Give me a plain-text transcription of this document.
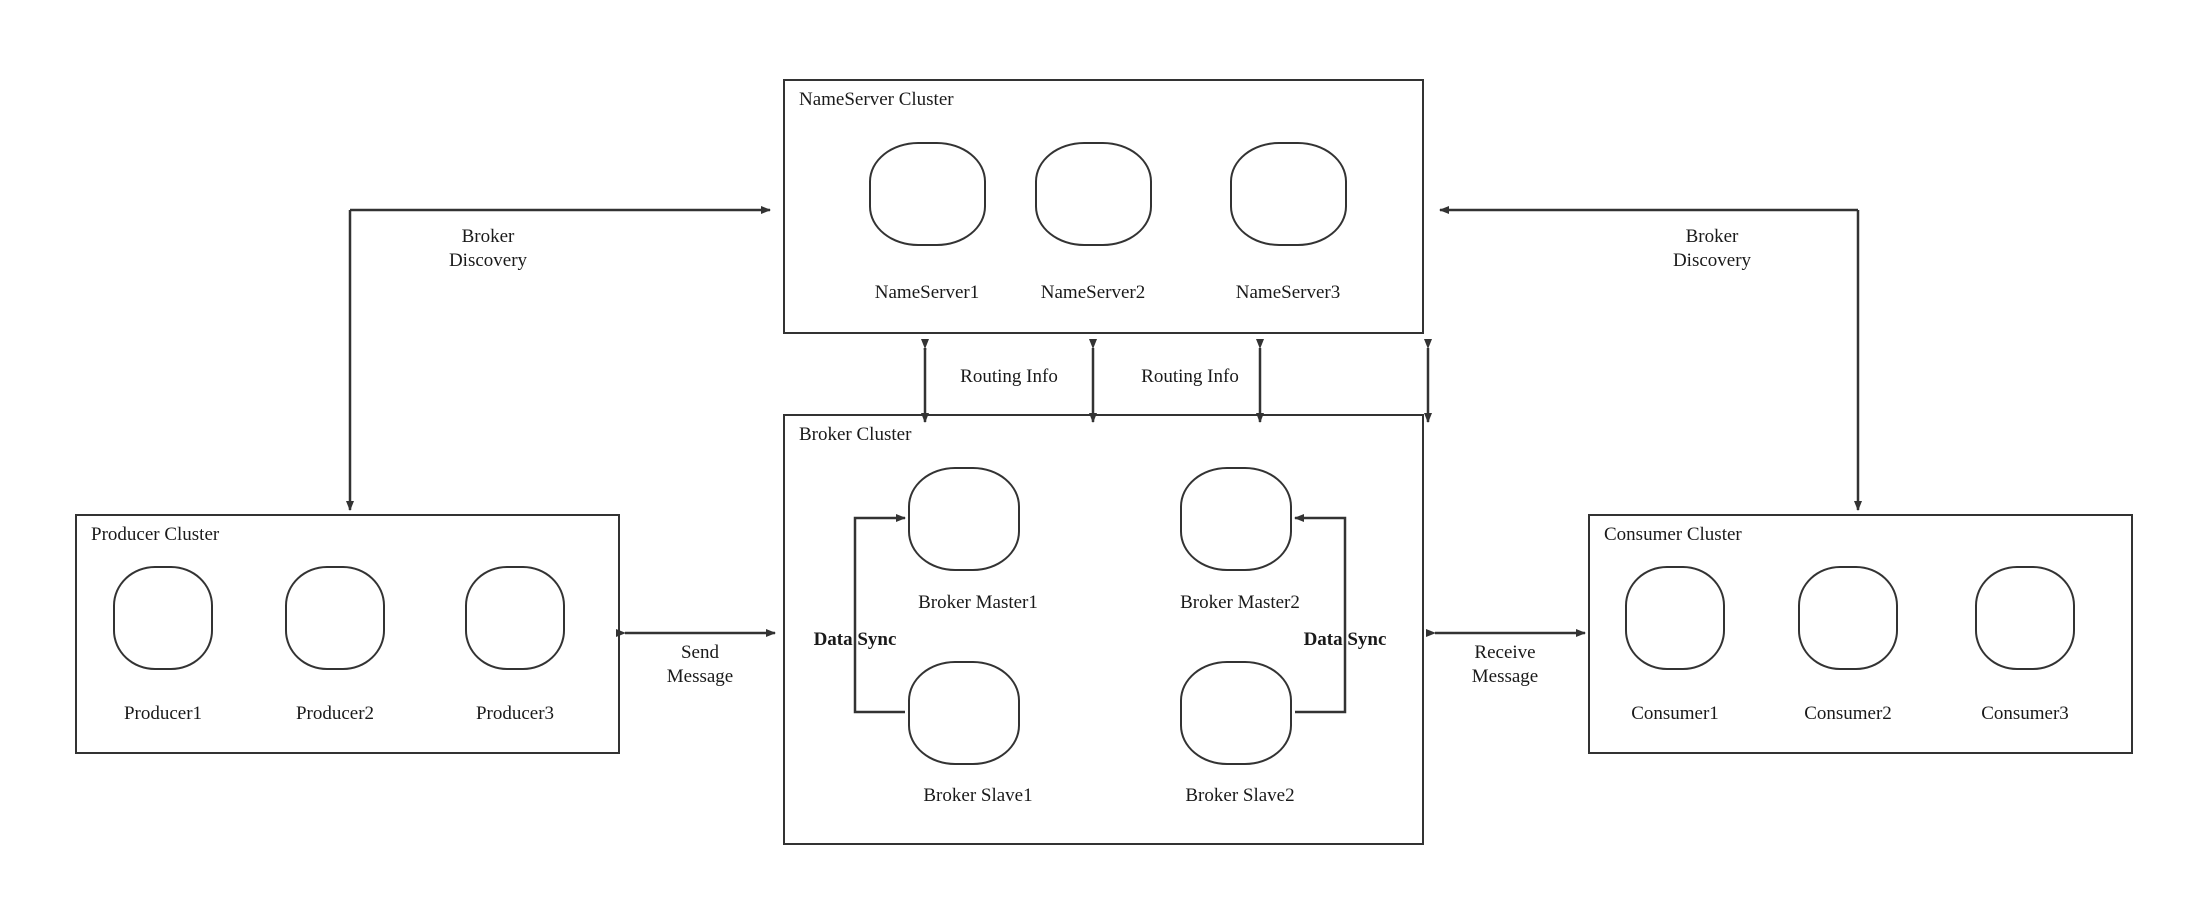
NameServer Cluster
NameServer1	NameServer2	NameServer3
Broker Cluster
Broker Master1	Broker Master2
Broker Slave1	Broker Slave2
Producer Cluster
Producer1	Producer2	Producer3
Consumer Cluster
Consumer1	Consumer2	Consumer3
Broker
Discovery
Broker
Discovery
Routing Info	Routing Info
Send
Message
Receive
Message
Data Sync	Data Sync
